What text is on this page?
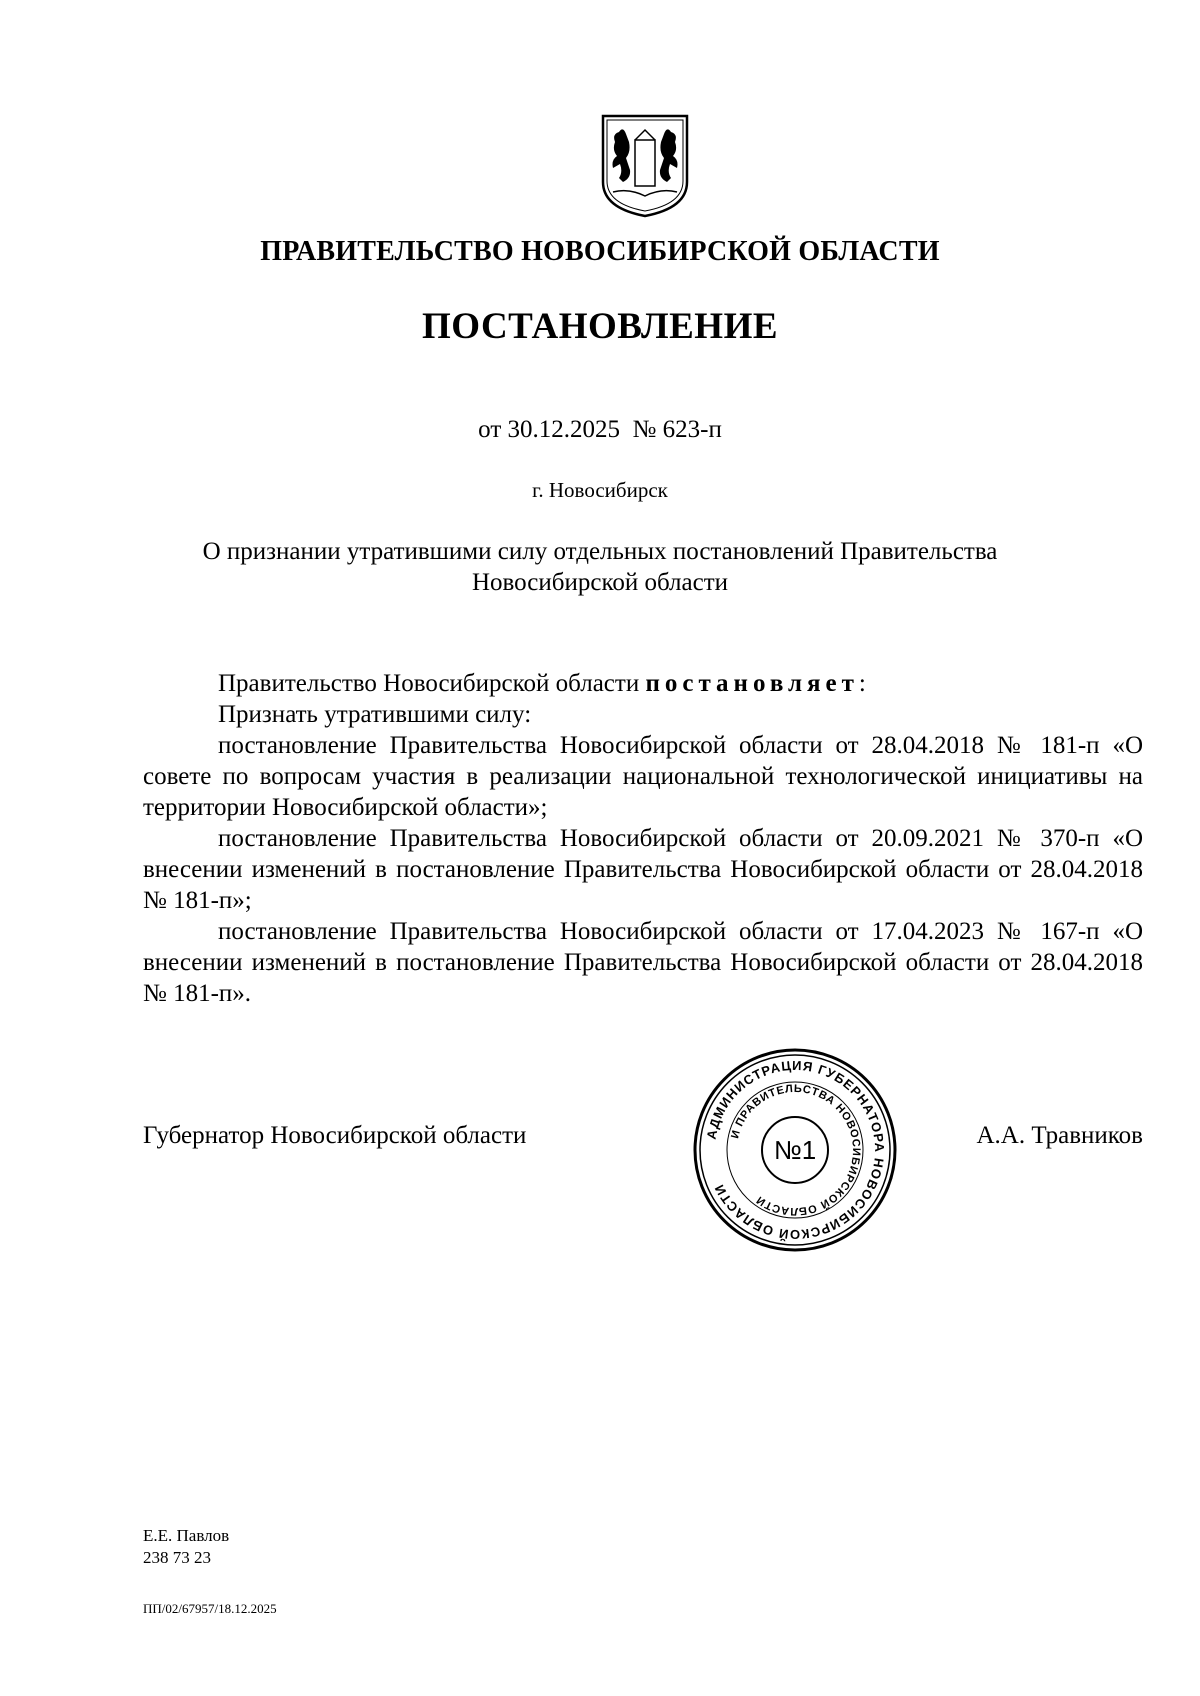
ПРАВИТЕЛЬСТВО НОВОСИБИРСКОЙ ОБЛАСТИ
ПОСТАНОВЛЕНИЕ
от 30.12.2025  № 623-п
г. Новосибирск
О признании утратившими силу отдельных постановлений Правительства
Новосибирской области

Правительство Новосибирской области постановляет:

Признать утратившими силу:

постановление Правительства Новосибирской области от 28.04.2018 № 181-п «О совете по вопросам участия в реализации национальной технологической инициативы на территории Новосибирской области»;

постановление Правительства Новосибирской области от 20.09.2021 № 370-п «О внесении изменений в постановление Правительства Новосибирской области от 28.04.2018 № 181-п»;

постановление Правительства Новосибирской области от 17.04.2023 № 167-п «О внесении изменений в постановление Правительства Новосибирской области от 28.04.2018 № 181-п».

Губернатор Новосибирской области	АДМИНИСТРАЦИЯ ГУБЕРНАТОРА НОВОСИБИРСКОЙ ОБЛАСТИ
И ПРАВИТЕЛЬСТВА НОВОСИБИРСКОЙ ОБЛАСТИ
№1	А.А. Травников
Е.Е. Павлов
238 73 23
ПП/02/67957/18.12.2025
